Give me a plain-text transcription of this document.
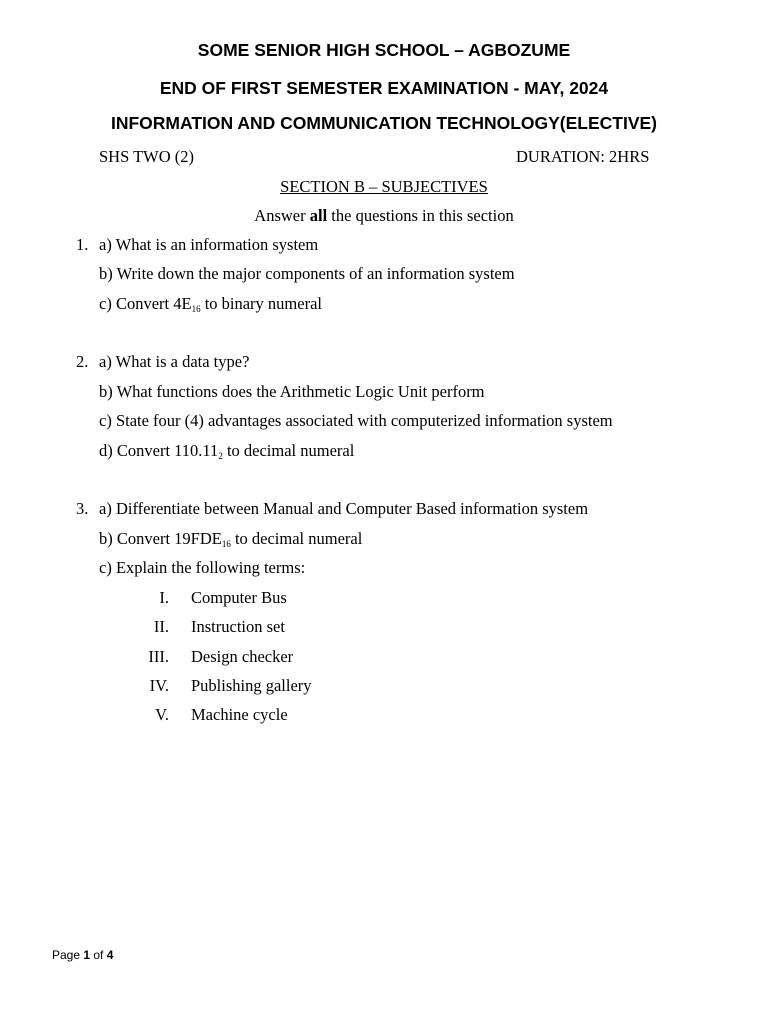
SOME SENIOR HIGH SCHOOL – AGBOZUME
END OF FIRST SEMESTER EXAMINATION - MAY, 2024
INFORMATION AND COMMUNICATION TECHNOLOGY(ELECTIVE)
SHS TWO (2)	DURATION: 2HRS
SECTION B – SUBJECTIVES
Answer all the questions in this section
1. a) What is an information system
b) Write down the major components of an information system
c) Convert $4E_{16}$ to binary numeral
2. a) What is a data type?
b) What functions does the Arithmetic Logic Unit perform
c) State four (4) advantages associated with computerized information system
d) Convert $110.11_2$ to decimal numeral
3. a) Differentiate between Manual and Computer Based information system
b) Convert $19FDE_{16}$ to decimal numeral
c) Explain the following terms:
I. Computer Bus
II. Instruction set
III. Design checker
IV. Publishing gallery
V. Machine cycle
Page 1 of 4
